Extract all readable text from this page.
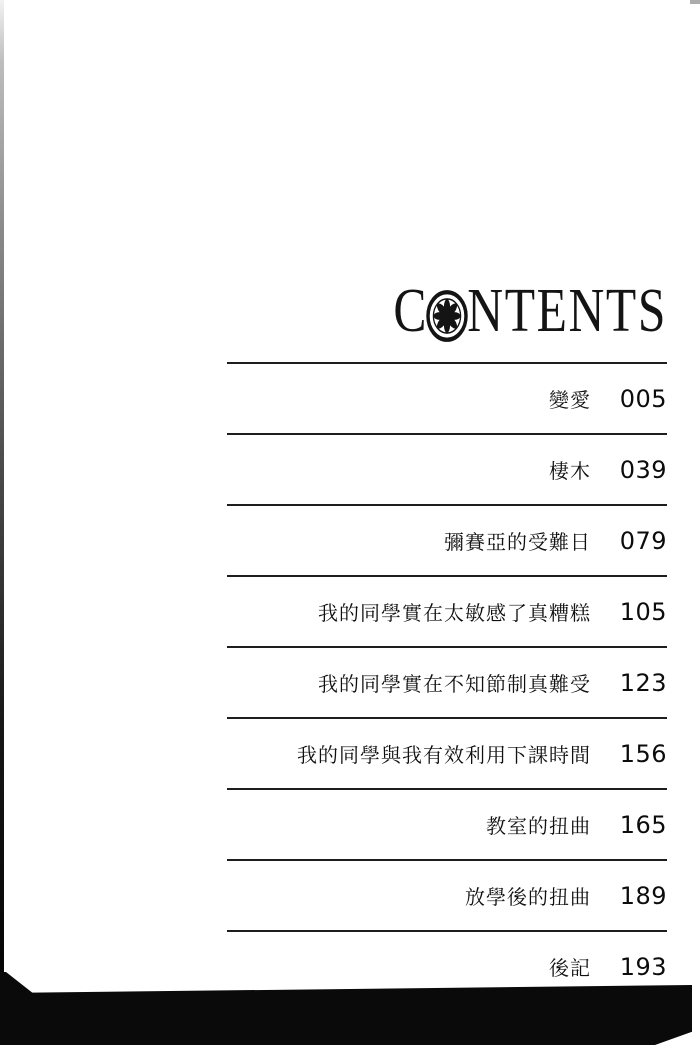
C NTENTS
變愛	005
棲木	039
彌賽亞的受難日	079
我的同學實在太敏感了真糟糕	105
我的同學實在不知節制真難受	123
我的同學與我有效利用下課時間	156
教室的扭曲	165
放學後的扭曲	189
後記	193
